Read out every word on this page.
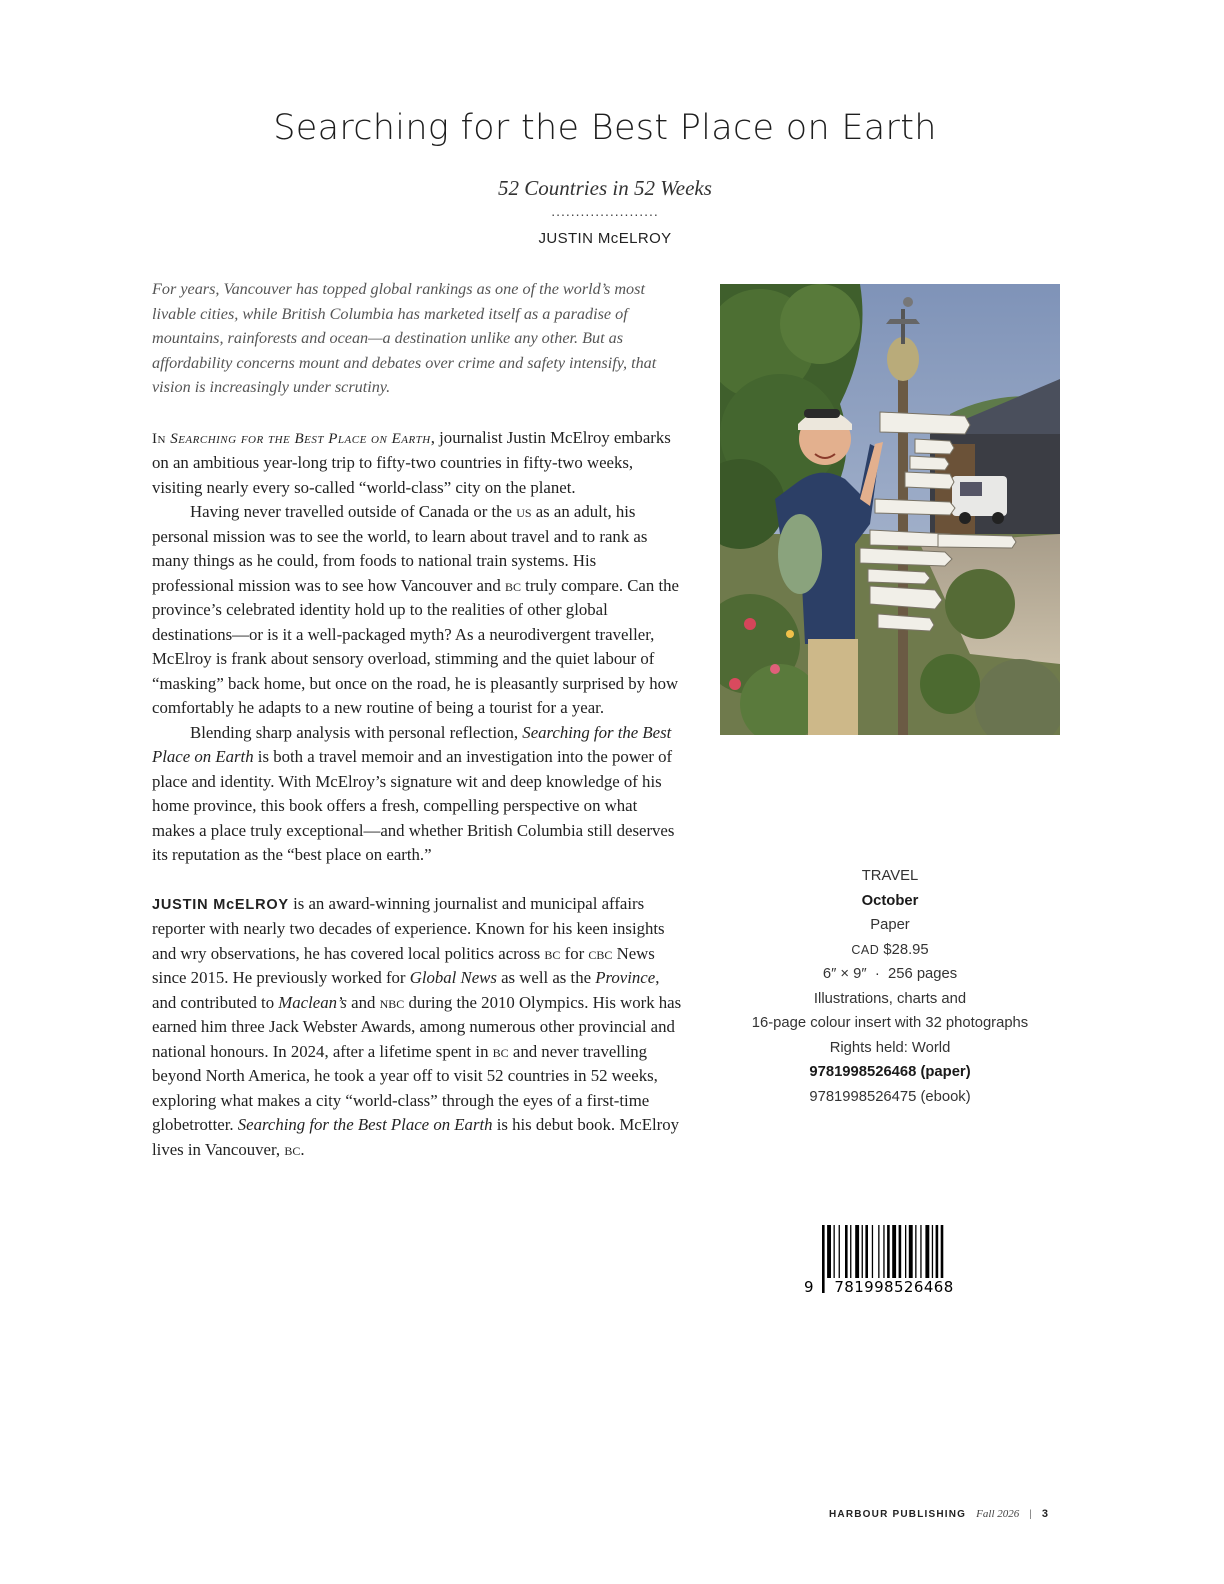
Searching for the Best Place on Earth
52 Countries in 52 Weeks
......................
JUSTIN McELROY

For years, Vancouver has topped global rankings as one of the world’s most livable cities, while British Columbia has marketed itself as a paradise of mountains, rainforests and ocean—a destination unlike any other. But as affordability concerns mount and debates over crime and safety intensify, that vision is increasingly under scrutiny.

In Searching for the Best Place on Earth, journalist Justin McElroy embarks on an ambitious year-long trip to fifty-two countries in fifty-two weeks, visiting nearly every so-called “world-class” city on the planet.

Having never travelled outside of Canada or the us as an adult, his personal mission was to see the world, to learn about travel and to rank as many things as he could, from foods to national train systems. His professional mission was to see how Vancouver and bc truly compare. Can the province’s celebrated identity hold up to the realities of other global destinations—or is it a well-packaged myth? As a neurodivergent traveller, McElroy is frank about sensory overload, stimming and the quiet labour of “masking” back home, but once on the road, he is pleasantly surprised by how comfortably he adapts to a new routine of being a tourist for a year.

Blending sharp analysis with personal reflection, Searching for the Best Place on Earth is both a travel memoir and an investigation into the power of place and identity. With McElroy’s signature wit and deep knowledge of his home province, this book offers a fresh, compelling perspective on what makes a place truly exceptional—and whether British Columbia still deserves its reputation as the “best place on earth.”

JUSTIN McELROY is an award-winning journalist and municipal affairs reporter with nearly two decades of experience. Known for his keen insights and wry observations, he has covered local politics across bc for cbc News since 2015. He previously worked for Global News as well as the Province, and contributed to Maclean’s and nbc during the 2010 Olympics. His work has earned him three Jack Webster Awards, among numerous other provincial and national honours. In 2024, after a lifetime spent in bc and never travelling beyond North America, he took a year off to visit 52 countries in 52 weeks, exploring what makes a city “world-class” through the eyes of a first-time globetrotter. Searching for the Best Place on Earth is his debut book. McElroy lives in Vancouver, bc.

TRAVEL
October
Paper
CAD $28.95
6″ × 9″  ·  256 pages
Illustrations, charts and
16-page colour insert with 32 photographs
Rights held: World
9781998526468 (paper)
9781998526475 (ebook)
9 781998526468
HARBOUR PUBLISHING Fall 2026 | 3
